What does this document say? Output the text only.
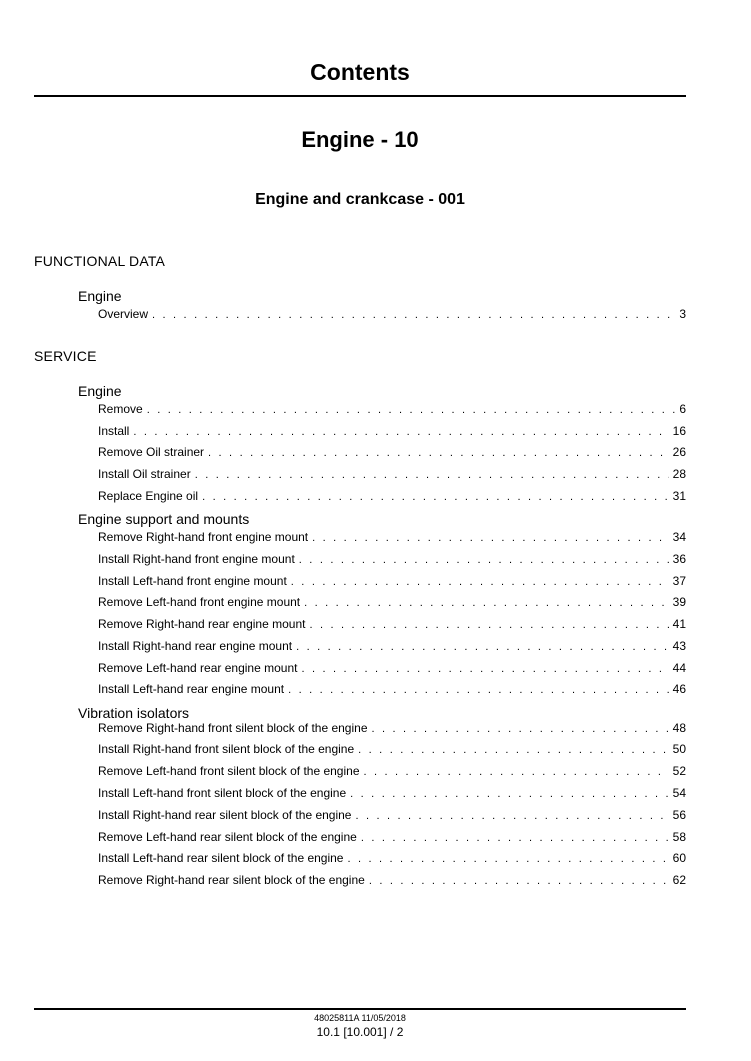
Contents
Engine - 10
Engine and crankcase - 001
FUNCTIONAL DATA
Engine
Overview . . .	3
SERVICE
Engine
Remove . . .	6
Install . . .	16
Remove Oil strainer . . .	26
Install Oil strainer . . .	28
Replace Engine oil . . .	31
Engine support and mounts
Remove Right-hand front engine mount . . .	34
Install Right-hand front engine mount . . .	36
Install Left-hand front engine mount . . .	37
Remove Left-hand front engine mount . . .	39
Remove Right-hand rear engine mount . . .	41
Install Right-hand rear engine mount . . .	43
Remove Left-hand rear engine mount . . .	44
Install Left-hand rear engine mount . . .	46
Vibration isolators
Remove Right-hand front silent block of the engine . . .	48
Install Right-hand front silent block of the engine . . .	50
Remove Left-hand front silent block of the engine . . .	52
Install Left-hand front silent block of the engine . . .	54
Install Right-hand rear silent block of the engine . . .	56
Remove Left-hand rear silent block of the engine . . .	58
Install Left-hand rear silent block of the engine . . .	60
Remove Right-hand rear silent block of the engine . . .	62
48025811A 11/05/2018
10.1 [10.001] / 2
